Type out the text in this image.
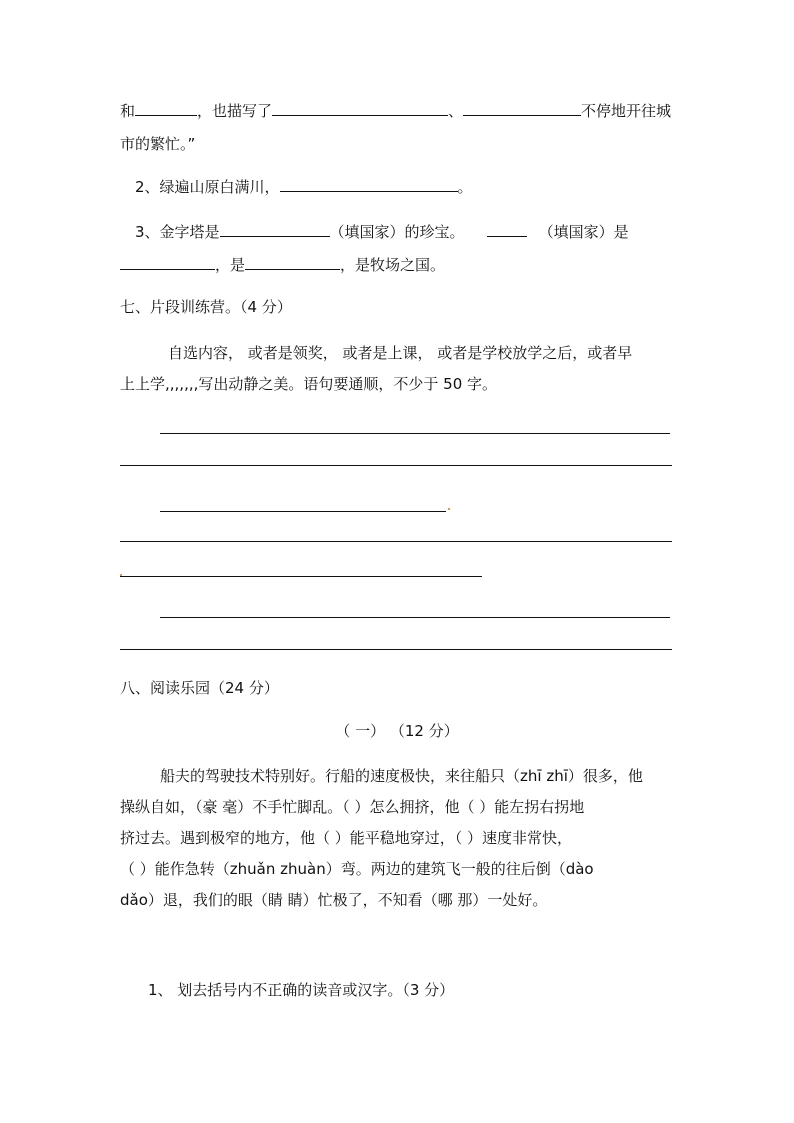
和	，也描写了	、	不停地开往城
市的繁忙。”
2、绿遍山原白满川，	。
3、金字塔是	（填国家）的珍宝。	（填国家）是
，是	，是牧场之国。
七、片段训练营。（4 分）
自选内容， 或者是领奖， 或者是上课， 或者是学校放学之后，或者早
上上学,,,,,,,写出动静之美。语句要通顺，不少于 50 字。
八、阅读乐园（24 分）
（ 一） （12 分）
船夫的驾驶技术特别好。行船的速度极快，来往船只（zhī zhī）很多，他
操纵自如，（豪 毫）不手忙脚乱。（ ）怎么拥挤，他（ ）能左拐右拐地
挤过去。遇到极窄的地方，他（ ）能平稳地穿过，（ ）速度非常快，
（ ）能作急转（zhuǎn zhuàn）弯。两边的建筑飞一般的往后倒（dào
dǎo）退，我们的眼（睛 睛）忙极了，不知看（哪 那）一处好。
1、 划去括号内不正确的读音或汉字。（3 分）
